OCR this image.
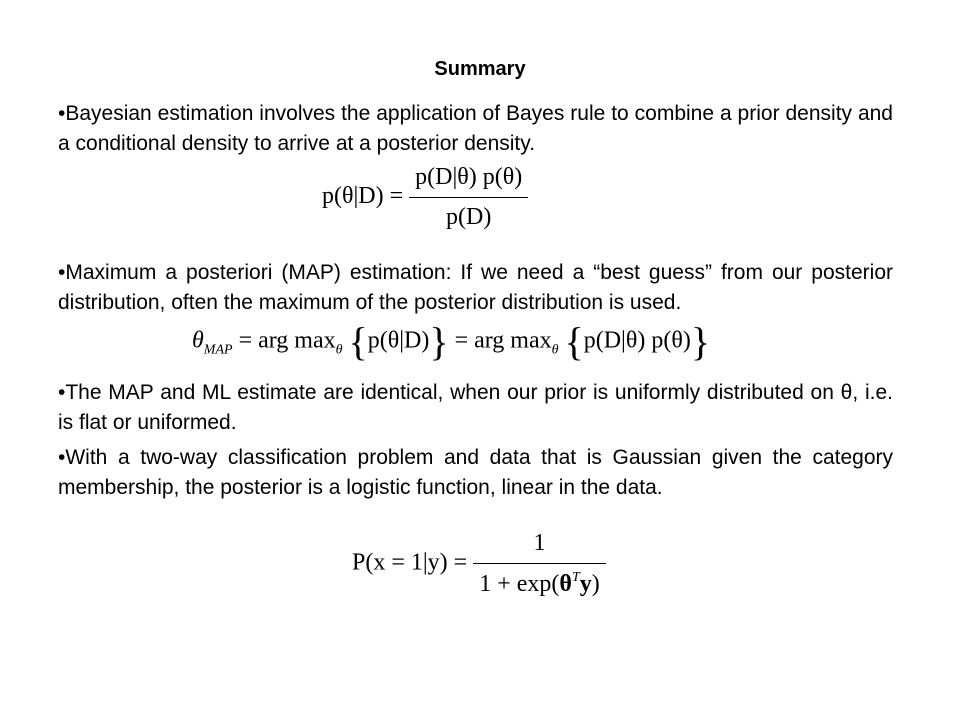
Summary
•Bayesian estimation involves the application of Bayes rule to combine a prior density and a conditional density to arrive at a posterior density.
$p(\theta|D) = \frac{p(D|\theta) p(\theta)}{p(D)}$
•Maximum a posteriori (MAP) estimation: If we need a “best guess” from our posterior distribution, often the maximum of the posterior distribution is used.
$\theta_{MAP}$ = arg $\max_\theta \{p(\theta|D)\}$ = arg $\max_\theta \{p(D|\theta)$ p(θ)}
•The MAP and ML estimate are identical, when our prior is uniformly distributed on θ, i.e. is flat or uniformed.
•With a two-way classification problem and data that is Gaussian given the category membership, the posterior is a logistic function, linear in the data.
$P(x = 1|y) = \frac{1}{1 + \exp(\theta^Ty)}$
